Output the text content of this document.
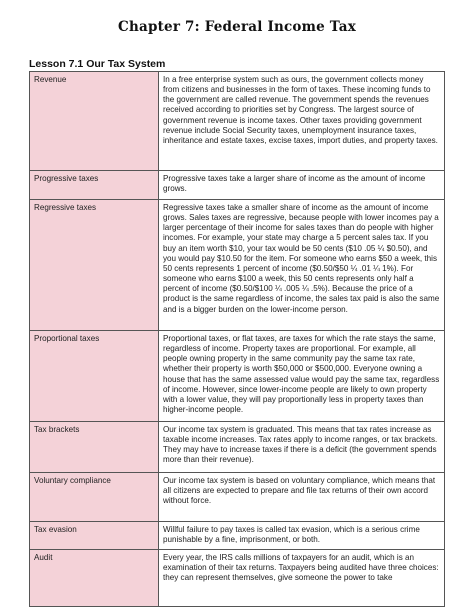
Chapter 7: Federal Income Tax
Lesson 7.1 Our Tax System
Revenue	In a free enterprise system such as ours, the government collects money from citizens and businesses in the form of taxes. These incoming funds to the government are called revenue. The government spends the revenues received according to priorities set by Congress. The largest source of government revenue is income taxes. Other taxes providing government revenue include Social Security taxes, unemployment insurance taxes, inheritance and estate taxes, excise taxes, import duties, and property taxes.

Progressive taxes	Progressive taxes take a larger share of income as the amount of income grows.

Regressive taxes	Regressive taxes take a smaller share of income as the amount of income grows. Sales taxes are regressive, because people with lower incomes pay a larger percentage of their income for sales taxes than do people with higher incomes. For example, your state may charge a 5 percent sales tax. If you buy an item worth $10, your tax would be 50 cents ($10 .05 ¼ $0.50), and you would pay $10.50 for the item. For someone who earns $50 a week, this 50 cents represents 1 percent of income ($0.50/$50 ¼ .01 ¼ 1%). For someone who earns $100 a week, this 50 cents represents only half a percent of income ($0.50/$100 ¼ .005 ¼ .5%). Because the price of a product is the same regardless of income, the sales tax paid is also the same and is a bigger burden on the lower-income person.

Proportional taxes	Proportional taxes, or flat taxes, are taxes for which the rate stays the same, regardless of income. Property taxes are proportional. For example, all people owning property in the same community pay the same tax rate, whether their property is worth $50,000 or $500,000. Everyone owning a house that has the same assessed value would pay the same tax, regardless of income. However, since lower-income people are likely to own property with a lower value, they will pay proportionally less in property taxes than higher-income people.

Tax brackets	Our income tax system is graduated. This means that tax rates increase as taxable income increases. Tax rates apply to income ranges, or tax brackets. They may have to increase taxes if there is a deficit (the government spends more than their revenue).

Voluntary compliance	Our income tax system is based on voluntary compliance, which means that all citizens are expected to prepare and file tax returns of their own accord without force.

Tax evasion	Willful failure to pay taxes is called tax evasion, which is a serious crime punishable by a fine, imprisonment, or both.

Audit	Every year, the IRS calls millions of taxpayers for an audit, which is an examination of their tax returns. Taxpayers being audited have three choices: they can represent themselves, give someone the power to take
